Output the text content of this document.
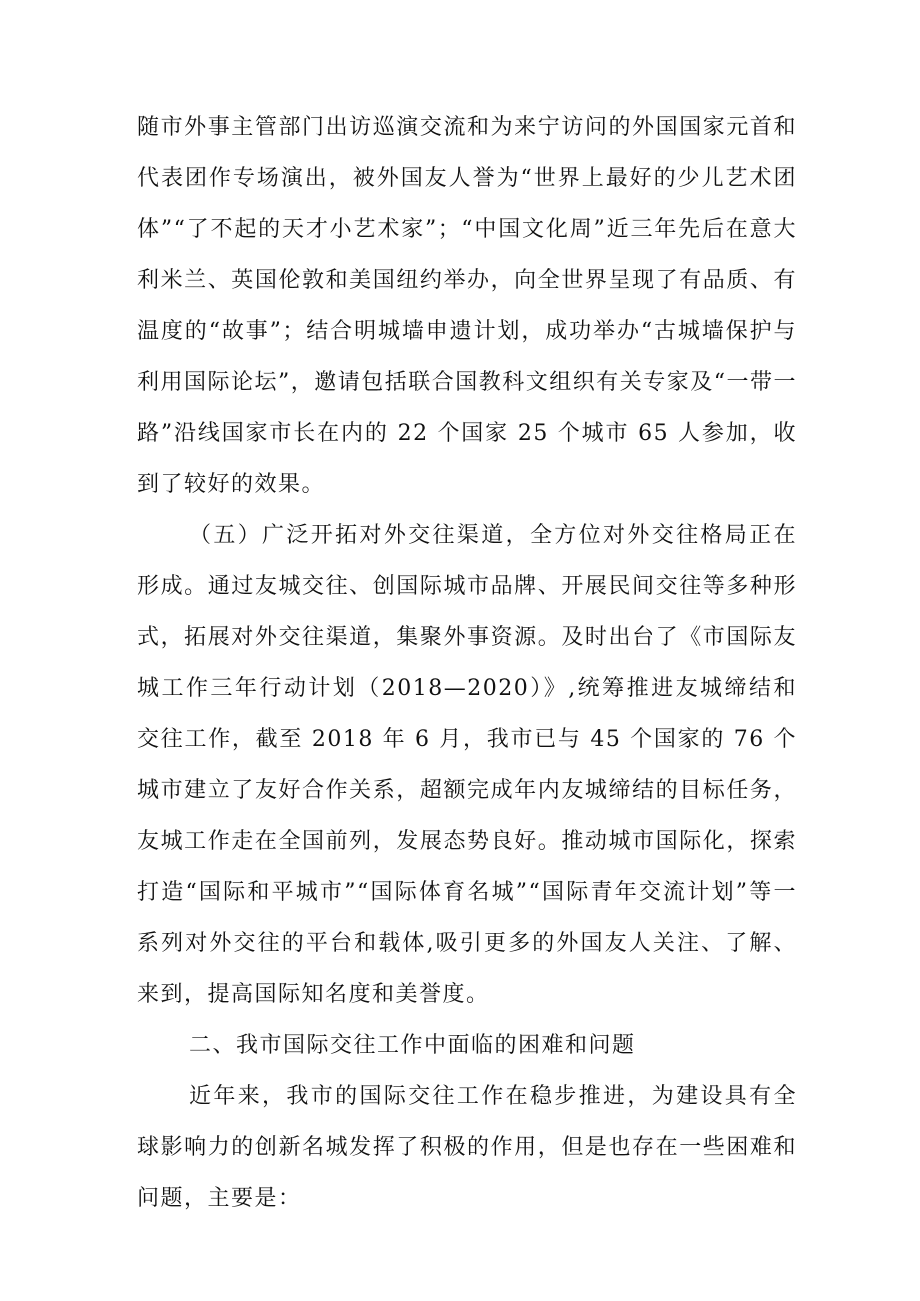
随市外事主管部门出访巡演交流和为来宁访问的外国国家元首和代表团作专场演出，被外国友人誉为“世界上最好的少儿艺术团体”“了不起的天才小艺术家”；“中国文化周”近三年先后在意大利米兰、英国伦敦和美国纽约举办，向全世界呈现了有品质、有温度的“故事”；结合明城墙申遗计划，成功举办“古城墙保护与利用国际论坛”，邀请包括联合国教科文组织有关专家及“一带一路”沿线国家市长在内的 22 个国家 25 个城市 65 人参加，收到了较好的效果。

（五）广泛开拓对外交往渠道，全方位对外交往格局正在形成。通过友城交往、创国际城市品牌、开展民间交往等多种形式，拓展对外交往渠道，集聚外事资源。及时出台了《市国际友城工作三年行动计划（2018—2020）》,统筹推进友城缔结和交往工作，截至 2018 年 6 月，我市已与 45 个国家的 76 个城市建立了友好合作关系，超额完成年内友城缔结的目标任务，友城工作走在全国前列，发展态势良好。推动城市国际化，探索打造“国际和平城市”“国际体育名城”“国际青年交流计划”等一系列对外交往的平台和载体,吸引更多的外国友人关注、了解、来到，提高国际知名度和美誉度。

二、我市国际交往工作中面临的困难和问题

近年来，我市的国际交往工作在稳步推进，为建设具有全球影响力的创新名城发挥了积极的作用，但是也存在一些困难和问题，主要是：
